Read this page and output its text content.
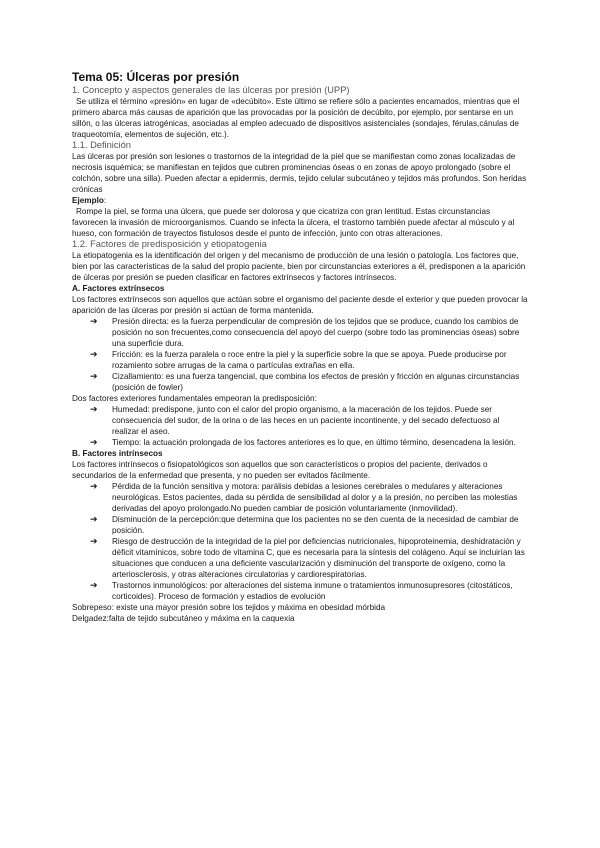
Tema 05: Úlceras por presión
1. Concepto y aspectos generales de las úlceras por presión (UPP)

Se utiliza el término «presión» en lugar de «decúbito». Este último se refiere sólo a pacientes encamados, mientras que el primero abarca más causas de aparición que las provocadas por la posición de decúbito, por ejemplo, por sentarse en un sillón, o las úlceras iatrogénicas, asociadas al empleo adecuado de dispositivos asistenciales (sondajes, férulas,cánulas de traqueotomía, elementos de sujeción, etc.).

1.1. Definición

Las úlceras por presión son lesiones o trastornos de la integridad de la piel que se manifiestan como zonas localizadas de necrosis isquémica; se manifiestan en tejidos que cubren prominencias óseas o en zonas de apoyo prolongado (sobre el colchón, sobre una silla). Pueden afectar a epidermis, dermis, tejido celular subcutáneo y tejidos más profundos. Son heridas crónicas

Ejemplo:

Rompe la piel, se forma una úlcera, que puede ser dolorosa y que cicatriza con gran lentitud. Estas circunstancias favorecen la invasión de microorganismos. Cuando se infecta la úlcera, el trastorno también puede afectar al músculo y al hueso, con formación de trayectos fistulosos desde el punto de infección, junto con otras alteraciones.

1.2. Factores de predisposición y etiopatogenia

La etiopatogenia es la identificación del origen y del mecanismo de producción de una lesión o patología. Los factores que, bien por las características de la salud del propio paciente, bien por circunstancias exteriores a él, predisponen a la aparición de úlceras por presión se pueden clasificar en factores extrínsecos y factores intrínsecos.

A. Factores extrínsecos

Los factores extrínsecos son aquellos que actúan sobre el organismo del paciente desde el exterior y que pueden provocar la aparición de las úlceras por presión si actúan de forma mantenida.

➔ Presión directa: es la fuerza perpendicular de compresión de los tejidos que se produce, cuando los cambios de posición no son frecuentes,como consecuencia del apoyo del cuerpo (sobre todo las prominencias óseas) sobre una superficie dura.
➔ Fricción: es la fuerza paralela o roce entre la piel y la superficie sobre la que se apoya. Puede producirse por rozamiento sobre arrugas de la cama o partículas extrañas en ella.
➔ Cizallamiento: es una fuerza tangencial, que combina los efectos de presión y fricción en algunas circunstancias (posición de fowler)

Dos factores exteriores fundamentales empeoran la predisposición:

➔ Humedad: predispone, junto con el calor del propio organismo, a la maceración de los tejidos. Puede ser consecuencia del sudor, de la orina o de las heces en un paciente incontinente, y del secado defectuoso al realizar el aseo.
➔ Tiempo: la actuación prolongada de los factores anteriores es lo que, en último término, desencadena la lesión.
B. Factores intrínsecos

Los factores intrínsecos o fisiopatológicos son aquellos que son característicos o propios del paciente, derivados o secundarios de la enfermedad que presenta, y no pueden ser evitados fácilmente.

➔ Pérdida de la función sensitiva y motora: parálisis debidas a lesiones cerebrales o medulares y alteraciones neurológicas. Estos pacientes, dada su pérdida de sensibilidad al dolor y a la presión, no perciben las molestias derivadas del apoyo prolongado.No pueden cambiar de posición voluntariamente (inmovilidad).
➔ Disminución de la percepción:que determina que los pacientes no se den cuenta de la necesidad de cambiar de posición.
➔ Riesgo de destrucción de la integridad de la piel por deficiencias nutricionales, hipoproteinemia, deshidratación y déficit vitamínicos, sobre todo de vitamina C, que es necesaria para la síntesis del colágeno. Aquí se incluirían las situaciones que conducen a una deficiente vascularización y disminución del transporte de oxígeno, como la arteriosclerosis, y otras alteraciones circulatorias y cardiorespiratorias.
➔ Trastornos inmunológicos: por alteraciones del sistema inmune o tratamientos inmunosupresores (citostáticos, corticoides). Proceso de formación y estadios de evolución

Sobrepeso: existe una mayor presión sobre los tejidos y máxima en obesidad mórbida

Delgadez:falta de tejido subcutáneo y máxima en la caquexia
